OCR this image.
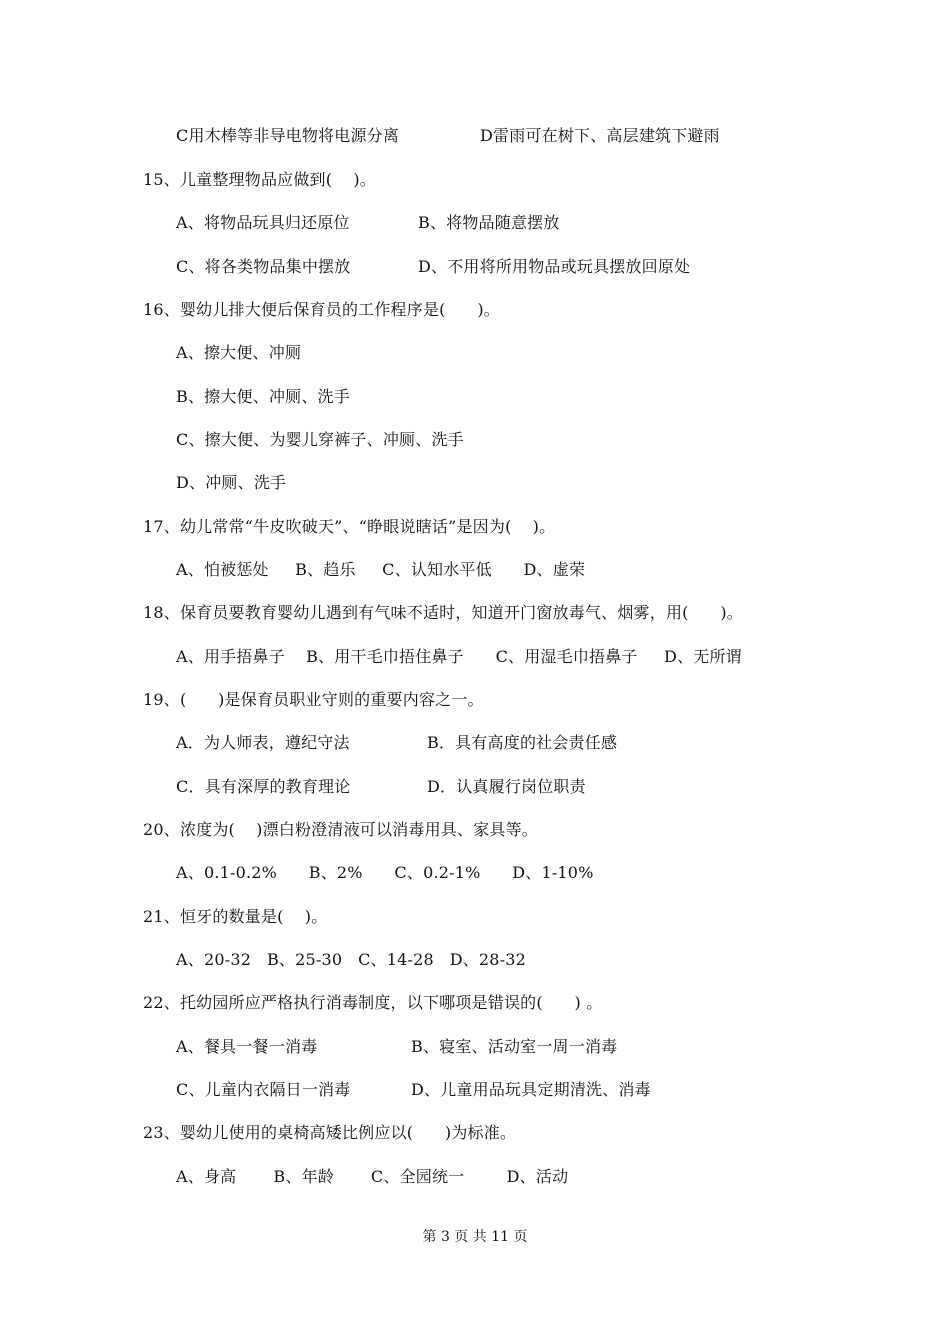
C用木棒等非导电物将电源分离	D雷雨可在树下、高层建筑下避雨
15、儿童整理物品应做到(    )。
A、将物品玩具归还原位	B、将物品随意摆放
C、将各类物品集中摆放	D、不用将所用物品或玩具摆放回原处
16、婴幼儿排大便后保育员的工作程序是(      )。
A、擦大便、冲厕
B、擦大便、冲厕、洗手
C、擦大便、为婴儿穿裤子、冲厕、洗手
D、冲厕、洗手
17、幼儿常常“牛皮吹破天”、“睁眼说瞎话”是因为(    )。
A、怕被惩处     B、趋乐     C、认知水平低      D、虚荣
18、保育员要教育婴幼儿遇到有气味不适时，知道开门窗放毒气、烟雾，用(      )。
A、用手捂鼻子    B、用干毛巾捂住鼻子      C、用湿毛巾捂鼻子     D、无所谓
19、(      )是保育员职业守则的重要内容之一。
A．为人师表，遵纪守法	B．具有高度的社会责任感
C．具有深厚的教育理论	D．认真履行岗位职责
20、浓度为(    )漂白粉澄清液可以消毒用具、家具等。
A、0.1-0.2%      B、2%      C、0.2-1%      D、1-10%
21、恒牙的数量是(    )。
A、20-32   B、25-30   C、14-28   D、28-32
22、托幼园所应严格执行消毒制度，以下哪项是错误的(      ) 。
A、餐具一餐一消毒	B、寝室、活动室一周一消毒
C、儿童内衣隔日一消毒	D、儿童用品玩具定期清洗、消毒
23、婴幼儿使用的桌椅高矮比例应以(      )为标准。
A、身高       B、年龄       C、全园统一        D、活动
第 3 页 共 11 页
